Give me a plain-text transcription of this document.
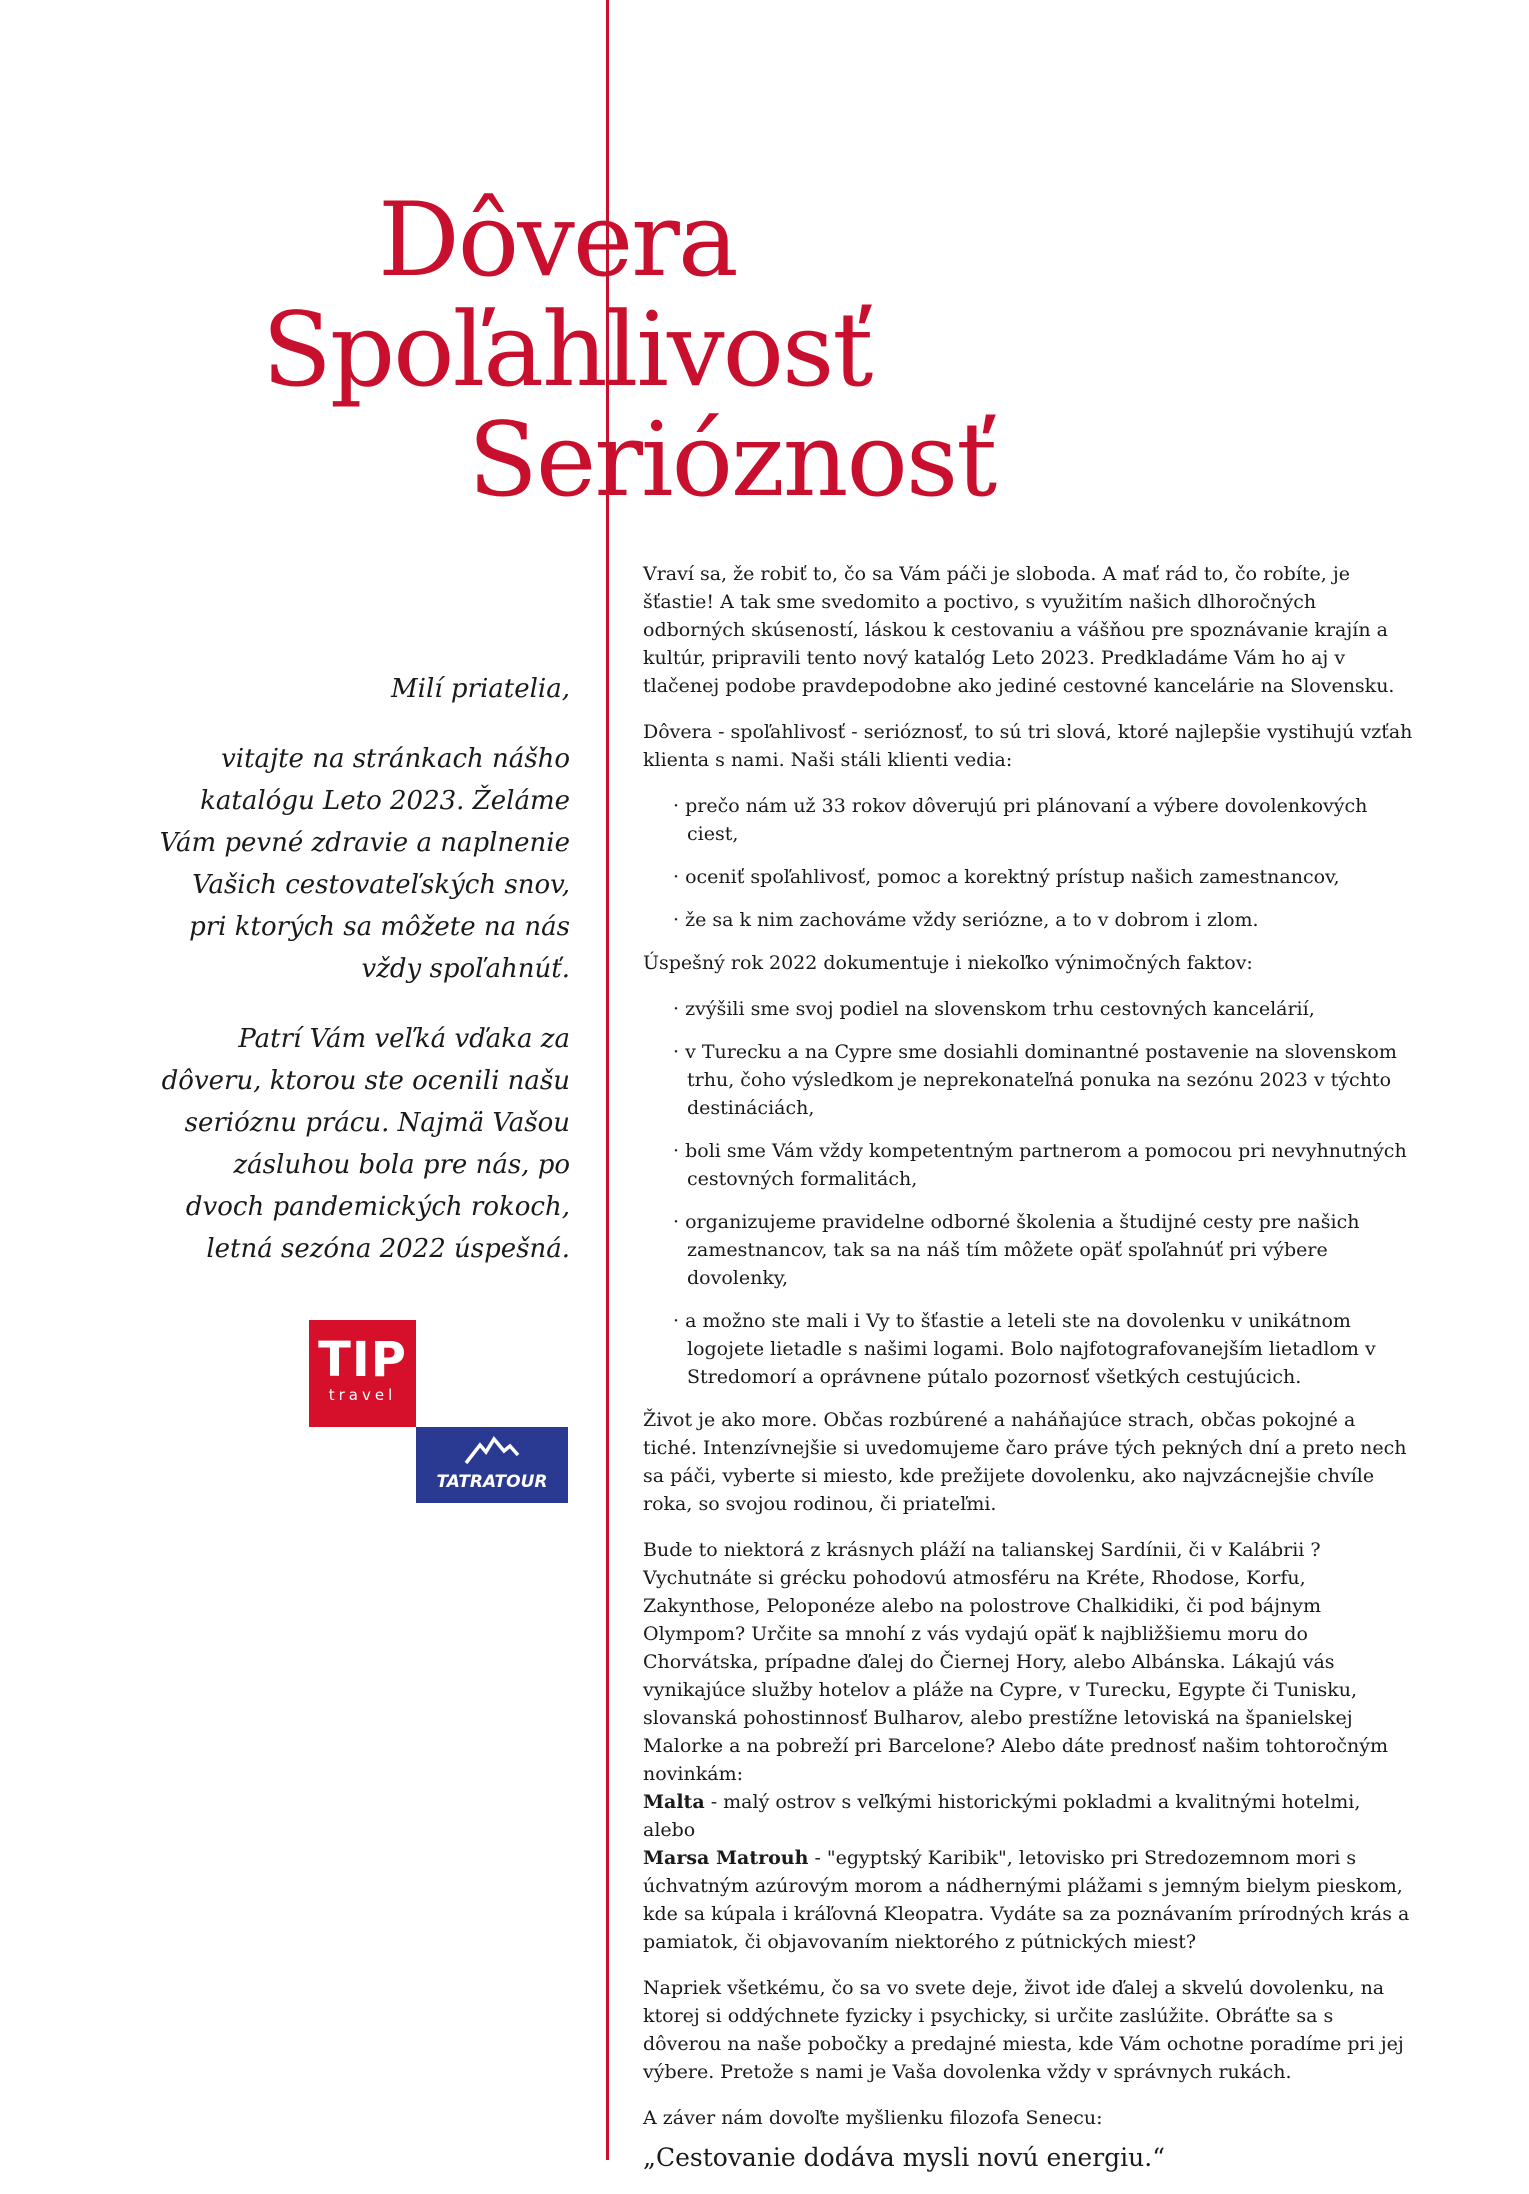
Dôvera
Spoľahlivosť
Serióznosť

Milí priatelia,

vitajte na stránkach nášho katalógu Leto 2023. Želáme Vám pevné zdravie a naplnenie Vašich cestovateľských snov, pri ktorých sa môžete na nás vždy spoľahnúť.

Patrí Vám veľká vďaka za dôveru, ktorou ste ocenili našu serióznu prácu. Najmä Vašou zásluhou bola pre nás, po dvoch pandemických rokoch, letná sezóna 2022 úspešná.

TIP
travel
TATRATOUR

Vraví sa, že robiť to, čo sa Vám páči je sloboda. A mať rád to, čo robíte, je šťastie! A tak sme svedomito a poctivo, s využitím našich dlhoročných odborných skúseností, láskou k cestovaniu a vášňou pre spoznávanie krajín a kultúr, pripravili tento nový katalóg Leto 2023. Predkladáme Vám ho aj v tlačenej podobe pravdepodobne ako jediné cestovné kancelárie na Slovensku.

Dôvera - spoľahlivosť - serióznosť, to sú tri slová, ktoré najlepšie vystihujú vzťah klienta s nami. Naši stáli klienti vedia:

· prečo nám už 33 rokov dôverujú pri plánovaní a výbere dovolenkových ciest,
· oceniť spoľahlivosť, pomoc a korektný prístup našich zamestnancov,
· že sa k nim zachováme vždy seriózne, a to v dobrom i zlom.

Úspešný rok 2022 dokumentuje i niekoľko výnimočných faktov:

· zvýšili sme svoj podiel na slovenskom trhu cestovných kancelárií,
· v Turecku a na Cypre sme dosiahli dominantné postavenie na slovenskom trhu, čoho výsledkom je neprekonateľná ponuka na sezónu 2023 v týchto destináciách,
· boli sme Vám vždy kompetentným partnerom a pomocou pri nevyhnutných cestovných formalitách,
· organizujeme pravidelne odborné školenia a študijné cesty pre našich zamestnancov, tak sa na náš tím môžete opäť spoľahnúť pri výbere dovolenky,
· a možno ste mali i Vy to šťastie a leteli ste na dovolenku v unikátnom logojete lietadle s našimi logami. Bolo najfotografovanejším lietadlom v Stredomorí a oprávnene pútalo pozornosť všetkých cestujúcich.

Život je ako more. Občas rozbúrené a naháňajúce strach, občas pokojné a tiché. Intenzívnejšie si uvedomujeme čaro práve tých pekných dní a preto nech sa páči, vyberte si miesto, kde prežijete dovolenku, ako najvzácnejšie chvíle roka, so svojou rodinou, či priateľmi.

Bude to niektorá z krásnych pláží na talianskej Sardínii, či v Kalábrii ? Vychutnáte si grécku pohodovú atmosféru na Kréte, Rhodose, Korfu, Zakynthose, Peloponéze alebo na polostrove Chalkidiki, či pod bájnym Olympom? Určite sa mnohí z vás vydajú opäť k najbližšiemu moru do Chorvátska, prípadne ďalej do Čiernej Hory, alebo Albánska. Lákajú vás vynikajúce služby hotelov a pláže na Cypre, v Turecku, Egypte či Tunisku, slovanská pohostinnosť Bulharov, alebo prestížne letoviská na španielskej Malorke a na pobreží pri Barcelone? Alebo dáte prednosť našim tohtoročným novinkám:
Malta - malý ostrov s veľkými historickými pokladmi a kvalitnými hotelmi, alebo
Marsa Matrouh - "egyptský Karibik", letovisko pri Stredozemnom mori s úchvatným azúrovým morom a nádhernými plážami s jemným bielym pieskom, kde sa kúpala i kráľovná Kleopatra. Vydáte sa za poznávaním prírodných krás a pamiatok, či objavovaním niektorého z pútnických miest?

Napriek všetkému, čo sa vo svete deje, život ide ďalej a skvelú dovolenku, na ktorej si oddýchnete fyzicky i psychicky, si určite zaslúžite. Obráťte sa s dôverou na naše pobočky a predajné miesta, kde Vám ochotne poradíme pri jej výbere. Pretože s nami je Vaša dovolenka vždy v správnych rukách.

A záver nám dovoľte myšlienku filozofa Senecu:

„Cestovanie dodáva mysli novú energiu.“
